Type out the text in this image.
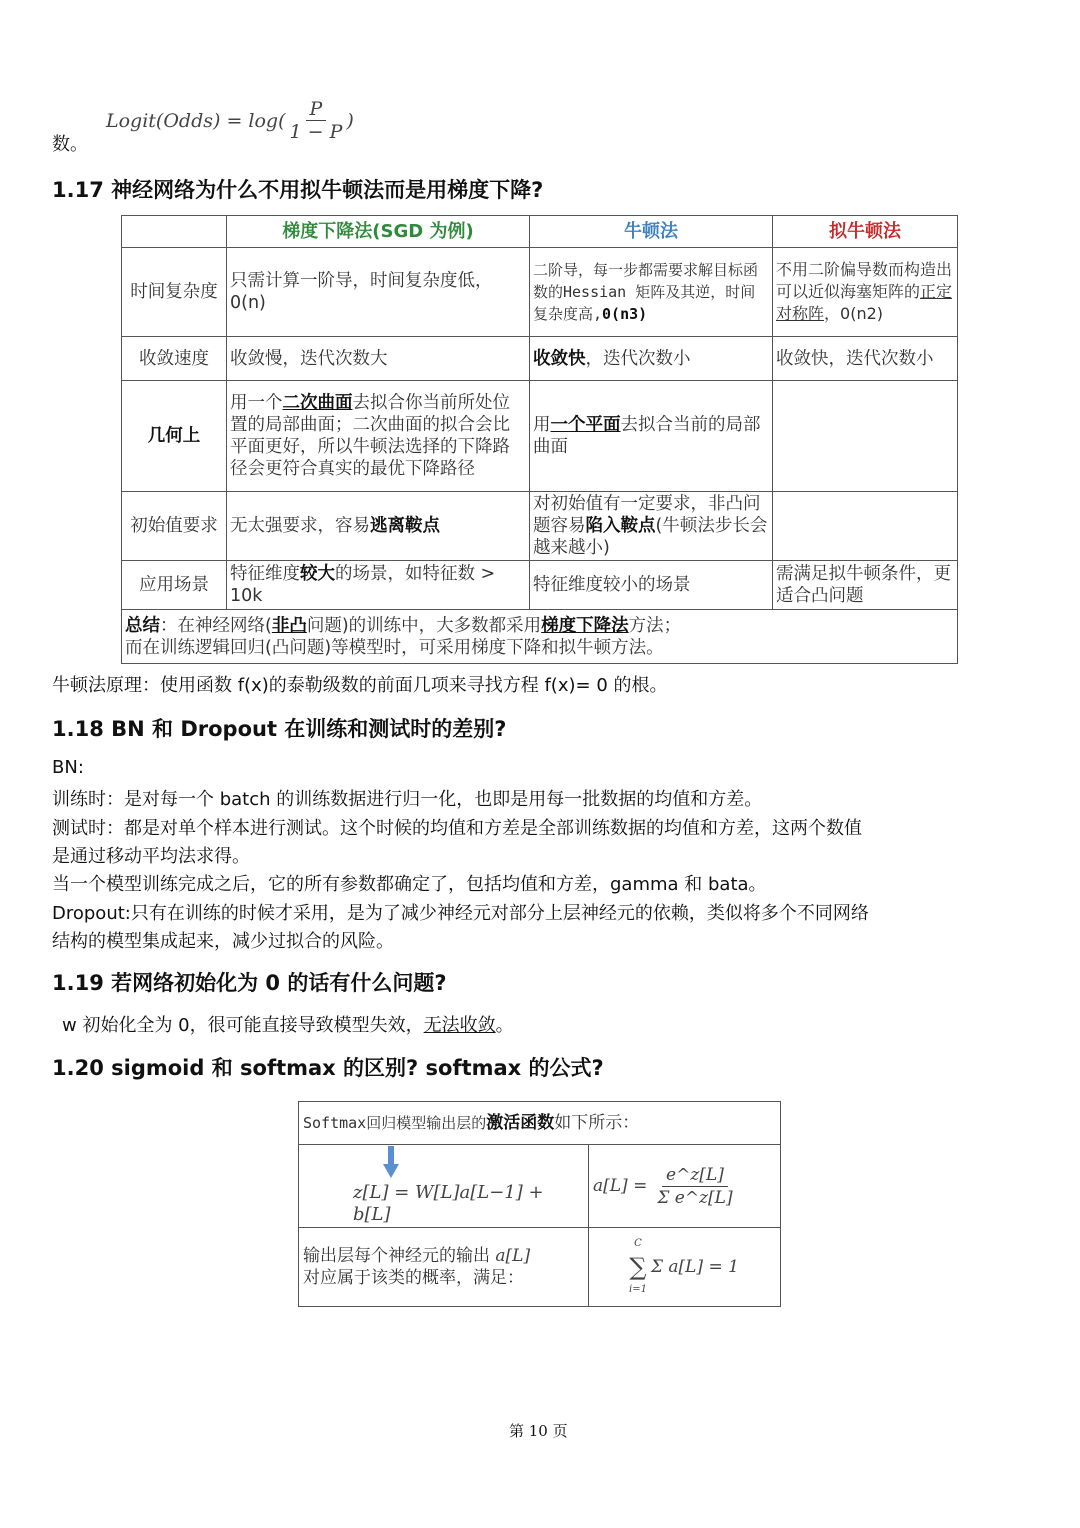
数。
Logit(Odds) = $\log( \frac{P}{1 - P}$ )
1.17 神经网络为什么不用拟牛顿法而是用梯度下降?
	梯度下降法(SGD 为例)	牛顿法	拟牛顿法
时间复杂度	只需计算一阶导，时间复杂度低，0(n)	二阶导，每一步都需要求解目标函数的Hessian 矩阵及其逆，时间复杂度高,0(n3)	不用二阶偏导数而构造出可以近似海塞矩阵的正定对称阵，0(n2)
收敛速度	收敛慢，迭代次数大	收敛快，迭代次数小	收敛快，迭代次数小
几何上	用一个二次曲面去拟合你当前所处位置的局部曲面；二次曲面的拟合会比平面更好，所以牛顿法选择的下降路径会更符合真实的最优下降路径	用一个平面去拟合当前的局部曲面	
初始值要求	无太强要求，容易逃离鞍点	对初始值有一定要求，非凸问题容易陷入鞍点(牛顿法步长会越来越小)	
应用场景	特征维度较大的场景，如特征数 > 10k	特征维度较小的场景	需满足拟牛顿条件，更适合凸问题
总结：在神经网络(非凸问题)的训练中，大多数都采用梯度下降法方法；
而在训练逻辑回归(凸问题)等模型时，可采用梯度下降和拟牛顿方法。			
牛顿法原理：使用函数 f(x)的泰勒级数的前面几项来寻找方程 f(x)= 0 的根。
1.18 BN 和 Dropout 在训练和测试时的差别?
BN:
训练时：是对每一个 batch 的训练数据进行归一化，也即是用每一批数据的均值和方差。
测试时：都是对单个样本进行测试。这个时候的均值和方差是全部训练数据的均值和方差，这两个数值
是通过移动平均法求得。
当一个模型训练完成之后，它的所有参数都确定了，包括均值和方差，gamma 和 bata。
Dropout:只有在训练的时候才采用，是为了减少神经元对部分上层神经元的依赖，类似将多个不同网络
结构的模型集成起来，减少过拟合的风险。
1.19 若网络初始化为 0 的话有什么问题?
w 初始化全为 0，很可能直接导致模型失效，无法收敛。
1.20 sigmoid 和 softmax 的区别? softmax 的公式?
Softmax回归模型输出层的激活函数如下所示：	

z[L] = W[L]a[L−1] + b[L]	$a[L] = \frac{e\^{}z[L]}{\text{Σ e\textasciicircum{}z[L]}}$

输出层每个神经元的输出 a[L]
对应属于该类的概率，满足：	C
∑
i=1
Σ a[L] = 1
第 10 页
